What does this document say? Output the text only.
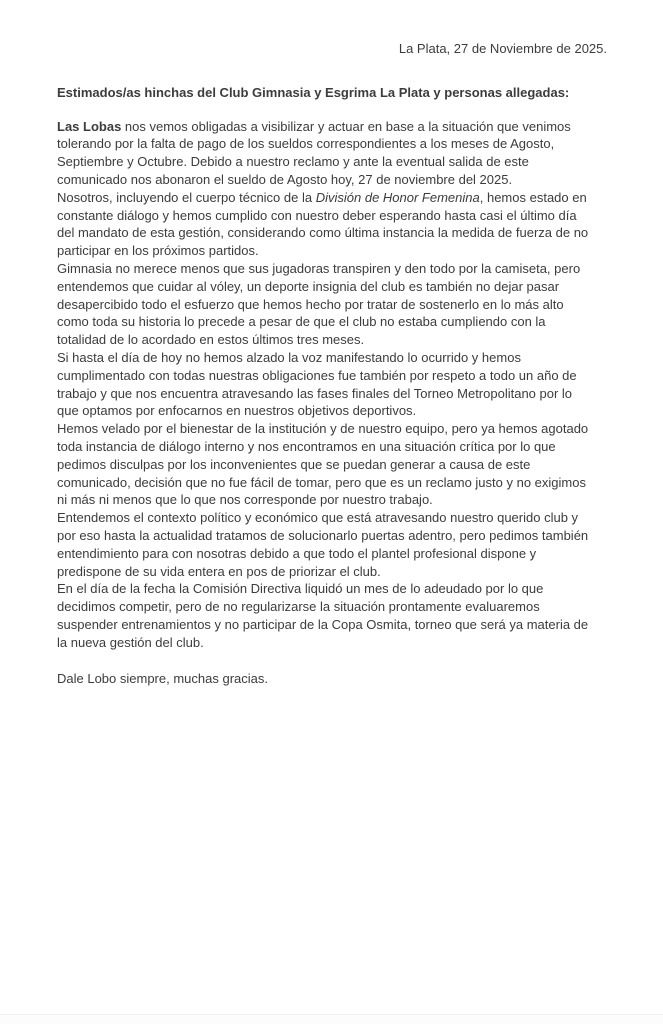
La Plata, 27 de Noviembre de 2025.
Estimados/as hinchas del Club Gimnasia y Esgrima La Plata y personas allegadas:
Las Lobas nos vemos obligadas a visibilizar y actuar en base a la situación que venimos
tolerando por la falta de pago de los sueldos correspondientes a los meses de Agosto,
Septiembre y Octubre. Debido a nuestro reclamo y ante la eventual salida de este
comunicado nos abonaron el sueldo de Agosto hoy, 27 de noviembre del 2025.
Nosotros, incluyendo el cuerpo técnico de la División de Honor Femenina, hemos estado en
constante diálogo y hemos cumplido con nuestro deber esperando hasta casi el último día
del mandato de esta gestión, considerando como última instancia la medida de fuerza de no
participar en los próximos partidos.
Gimnasia no merece menos que sus jugadoras transpiren y den todo por la camiseta, pero
entendemos que cuidar al vóley, un deporte insignia del club es también no dejar pasar
desapercibido todo el esfuerzo que hemos hecho por tratar de sostenerlo en lo más alto
como toda su historia lo precede a pesar de que el club no estaba cumpliendo con la
totalidad de lo acordado en estos últimos tres meses.
Si hasta el día de hoy no hemos alzado la voz manifestando lo ocurrido y hemos
cumplimentado con todas nuestras obligaciones fue también por respeto a todo un año de
trabajo y que nos encuentra atravesando las fases finales del Torneo Metropolitano por lo
que optamos por enfocarnos en nuestros objetivos deportivos.
Hemos velado por el bienestar de la institución y de nuestro equipo, pero ya hemos agotado
toda instancia de diálogo interno y nos encontramos en una situación crítica por lo que
pedimos disculpas por los inconvenientes que se puedan generar a causa de este
comunicado, decisión que no fue fácil de tomar, pero que es un reclamo justo y no exigimos
ni más ni menos que lo que nos corresponde por nuestro trabajo.
Entendemos el contexto político y económico que está atravesando nuestro querido club y
por eso hasta la actualidad tratamos de solucionarlo puertas adentro, pero pedimos también
entendimiento para con nosotras debido a que todo el plantel profesional dispone y
predispone de su vida entera en pos de priorizar el club.
En el día de la fecha la Comisión Directiva liquidó un mes de lo adeudado por lo que
decidimos competir, pero de no regularizarse la situación prontamente evaluaremos
suspender entrenamientos y no participar de la Copa Osmita, torneo que será ya materia de
la nueva gestión del club.
Dale Lobo siempre, muchas gracias.
